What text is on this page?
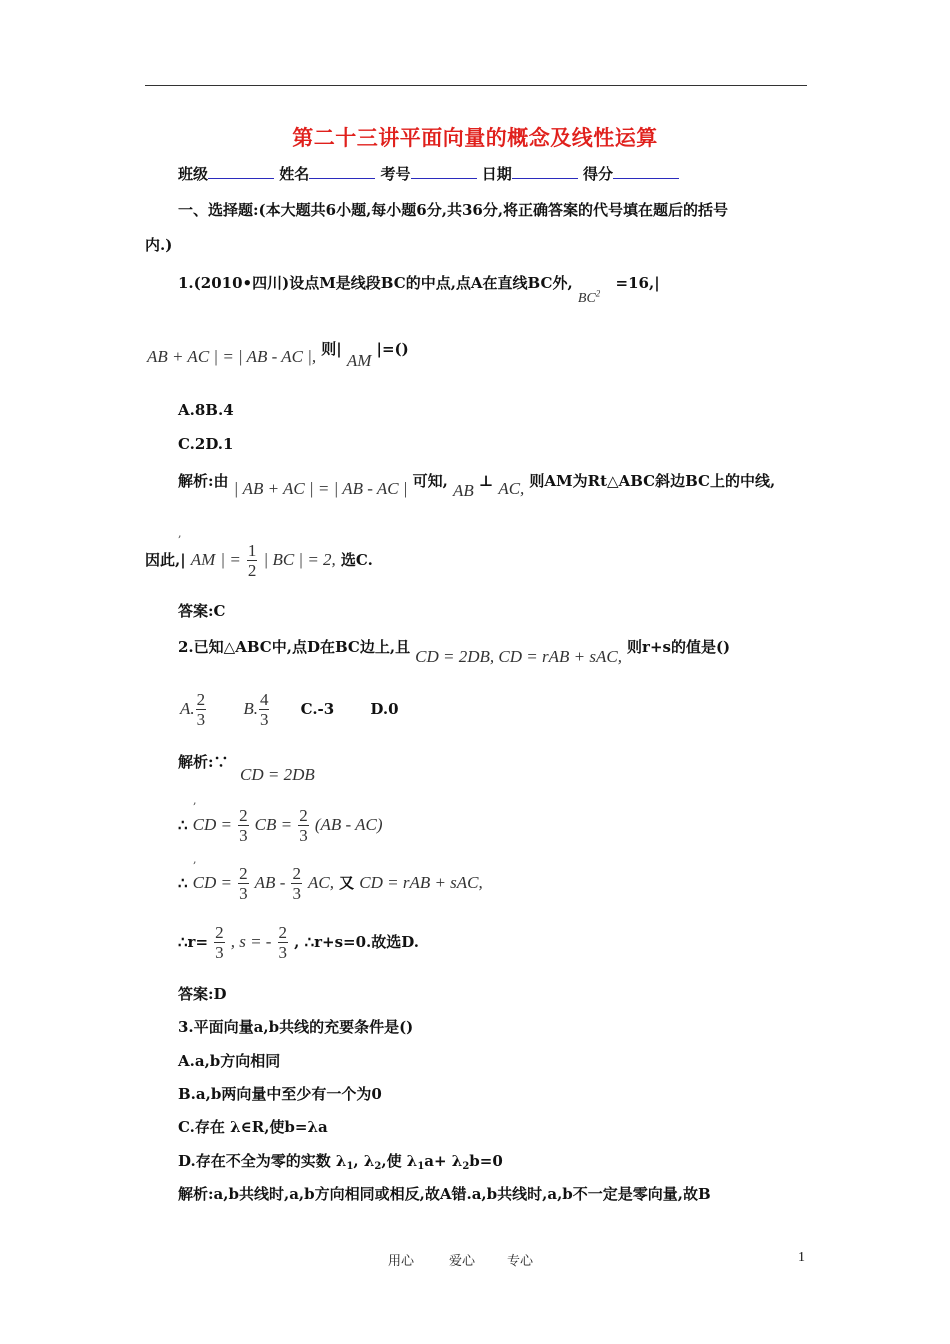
第二十三讲平面向量的概念及线性运算
班级	姓名	考号	日期	得分
一、选择题:(本大题共6小题,每小题6分,共36分,将正确答案的代号填在题后的括号
内.)
1.(2010•四川)设点M是线段BC的中点,点A在直线BC外, $BC^2 =16,|$
AB + AC | = | AB - AC |, 则| AM |=()
A.8B.4
C.2D.1
解析:由 | AB + AC | = | AB - AC | 可知, AB ⊥ AC, 则AM为Rt△ABC斜边BC上的中线,
,
因此,| AM | = $\frac{1}{2}$ | BC | = 2, 选C.
答案:C
2.已知△ABC中,点D在BC边上,且 CD = 2DB, CD = rAB + sAC, 则r+s的值是()
A. $\frac{2}{3} B$. $\frac{4}{3} C.-3$ D.0
解析:∵
CD = 2DB
,
∴ CD = $\frac{2}{3}$ CB = $\frac{2}{3} (AB - AC)$
,
∴ CD = $\frac{2}{3}$ AB - $\frac{2}{3}$ AC, 又 CD = rAB + sAC,
∴r= $\frac{2}{3}$ , s = - $\frac{2}{3}$ , ∴r+s=0.故选D.
答案:D
3.平面向量a,b共线的充要条件是()
A.a,b方向相同
B.a,b两向量中至少有一个为0
C.存在 λ∈R,使b=λa
D.存在不全为零的实数 $\lambda_1$, $\lambda_2$,使 $\lambda_1a+ \lambda_2b=0$
解析:a,b共线时,a,b方向相同或相反,故A错.a,b共线时,a,b不一定是零向量,故B
用心	爱心 专心	1
